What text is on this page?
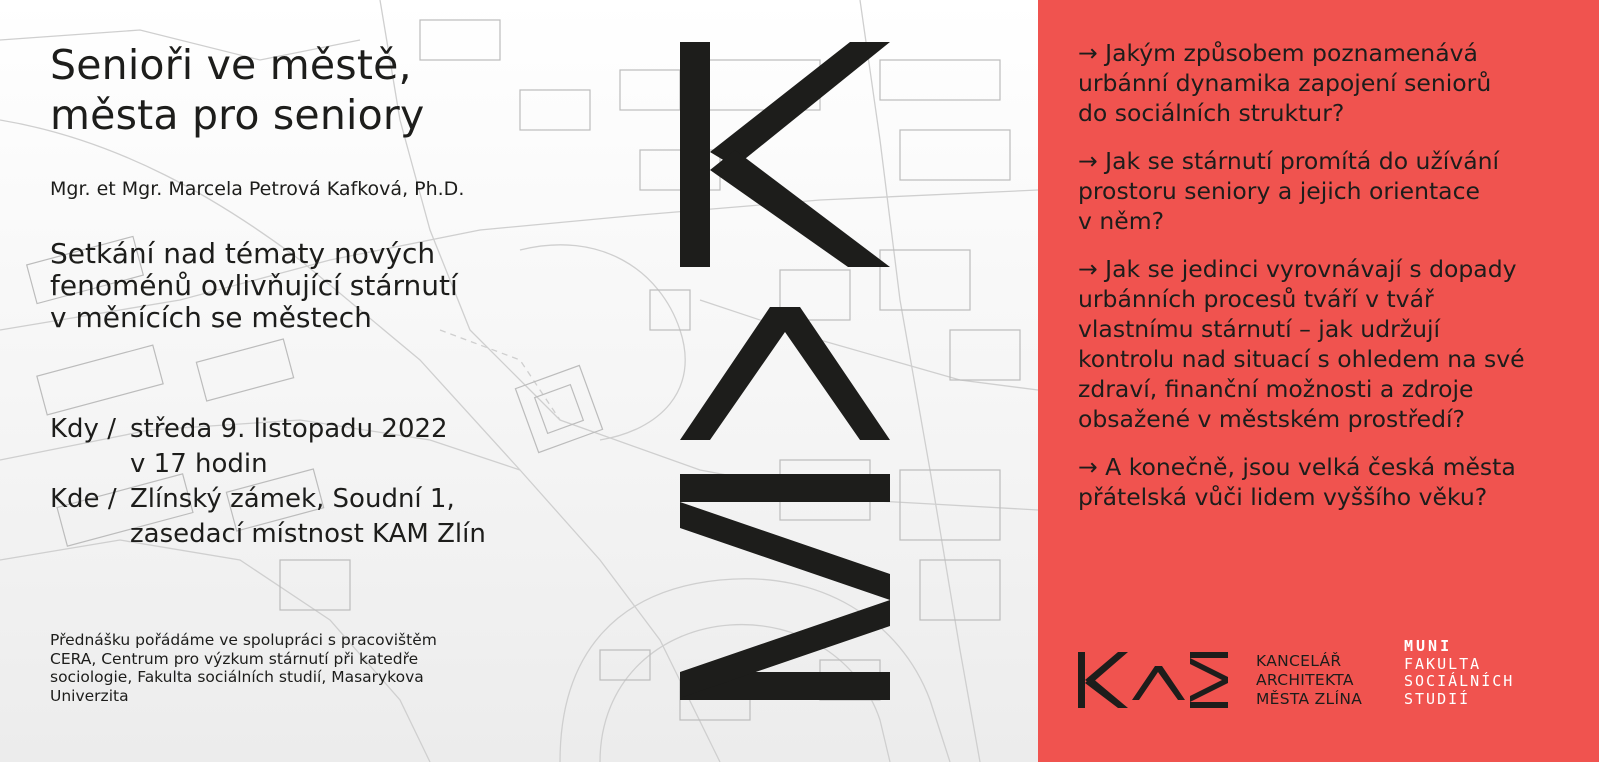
Senioři ve městě,
města pro seniory
Mgr. et Mgr. Marcela Petrová Kafková, Ph.D.
Setkání nad tématy nových
fenoménů ovlivňující stárnutí
v měnících se městech
Kdy / středa 9. listopadu 2022
v 17 hodin
Kde / Zlínský zámek, Soudní 1,
zasedací místnost KAM Zlín
Přednášku pořádáme ve spolupráci s pracovištěm
CERA, Centrum pro výzkum stárnutí při katedře
sociologie, Fakulta sociálních studií, Masarykova
Univerzita
→ Jakým způsobem poznamenává
urbánní dynamika zapojení seniorů
do sociálních struktur?
→ Jak se stárnutí promítá do užívání
prostoru seniory a jejich orientace
v něm?
→ Jak se jedinci vyrovnávají s dopady
urbánních procesů tváří v tvář
vlastnímu stárnutí – jak udržují
kontrolu nad situací s ohledem na své
zdraví, finanční možnosti a zdroje
obsažené v městském prostředí?
→ A konečně, jsou velká česká města
přátelská vůči lidem vyššího věku?
KANCELÁŘ
ARCHITEKTA
MĚSTA ZLÍNA
MUNI
FAKULTA
SOCIÁLNÍCH
STUDIÍ
